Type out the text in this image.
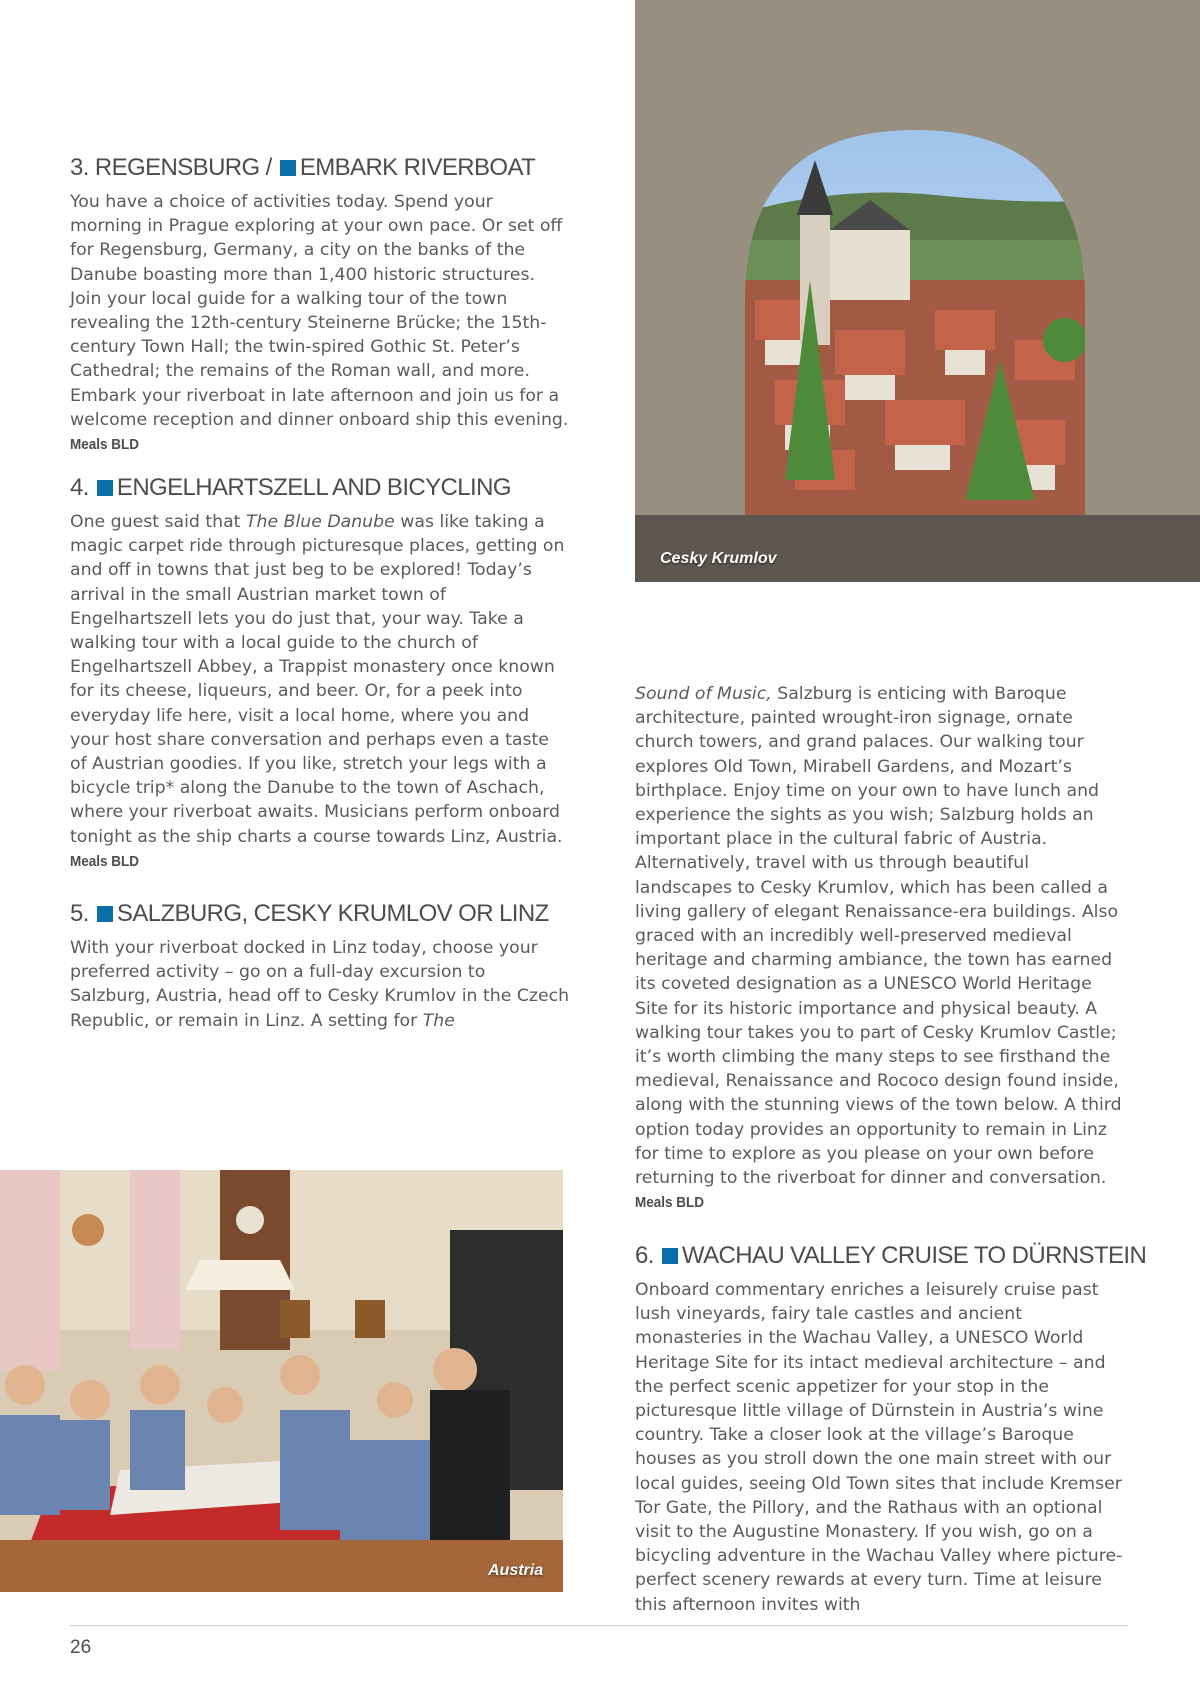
3. REGENSBURG / EMBARK RIVERBOAT

You have a choice of activities today. Spend your morning in Prague exploring at your own pace. Or set off for Regensburg, Germany, a city on the banks of the Danube boasting more than 1,400 historic structures. Join your local guide for a walking tour of the town revealing the 12th-century Steinerne Brücke; the 15th-century Town Hall; the twin-spired Gothic St. Peter’s Cathedral; the remains of the Roman wall, and more. Embark your riverboat in late afternoon and join us for a welcome reception and dinner onboard ship this evening. Meals BLD

4. ENGELHARTSZELL AND BICYCLING

One guest said that The Blue Danube was like taking a magic carpet ride through picturesque places, getting on and off in towns that just beg to be explored! Today’s arrival in the small Austrian market town of Engelhartszell lets you do just that, your way. Take a walking tour with a local guide to the church of Engelhartszell Abbey, a Trappist monastery once known for its cheese, liqueurs, and beer. Or, for a peek into everyday life here, visit a local home, where you and your host share conversation and perhaps even a taste of Austrian goodies. If you like, stretch your legs with a bicycle trip* along the Danube to the town of Aschach, where your riverboat awaits. Musicians perform onboard tonight as the ship charts a course towards Linz, Austria. Meals BLD

5. SALZBURG, CESKY KRUMLOV OR LINZ

With your riverboat docked in Linz today, choose your preferred activity – go on a full-day excursion to Salzburg, Austria, head off to Cesky Krumlov in the Czech Republic, or remain in Linz. A setting for The

Sound of Music, Salzburg is enticing with Baroque architecture, painted wrought-iron signage, ornate church towers, and grand palaces. Our walking tour explores Old Town, Mirabell Gardens, and Mozart’s birthplace. Enjoy time on your own to have lunch and experience the sights as you wish; Salzburg holds an important place in the cultural fabric of Austria. Alternatively, travel with us through beautiful landscapes to Cesky Krumlov, which has been called a living gallery of elegant Renaissance-era buildings. Also graced with an incredibly well-preserved medieval heritage and charming ambiance, the town has earned its coveted designation as a UNESCO World Heritage Site for its historic importance and physical beauty. A walking tour takes you to part of Cesky Krumlov Castle; it’s worth climbing the many steps to see firsthand the medieval, Renaissance and Rococo design found inside, along with the stunning views of the town below. A third option today provides an opportunity to remain in Linz for time to explore as you please on your own before returning to the riverboat for dinner and conversation. Meals BLD

6. WACHAU VALLEY CRUISE TO DÜRNSTEIN

Onboard commentary enriches a leisurely cruise past lush vineyards, fairy tale castles and ancient monasteries in the Wachau Valley, a UNESCO World Heritage Site for its intact medieval architecture – and the perfect scenic appetizer for your stop in the picturesque little village of Dürnstein in Austria’s wine country. Take a closer look at the village’s Baroque houses as you stroll down the one main street with our local guides, seeing Old Town sites that include Kremser Tor Gate, the Pillory, and the Rathaus with an optional visit to the Augustine Monastery. If you wish, go on a bicycling adventure in the Wachau Valley where picture-perfect scenery rewards at every turn. Time at leisure this afternoon invites with

Cesky Krumlov
Austria
26
